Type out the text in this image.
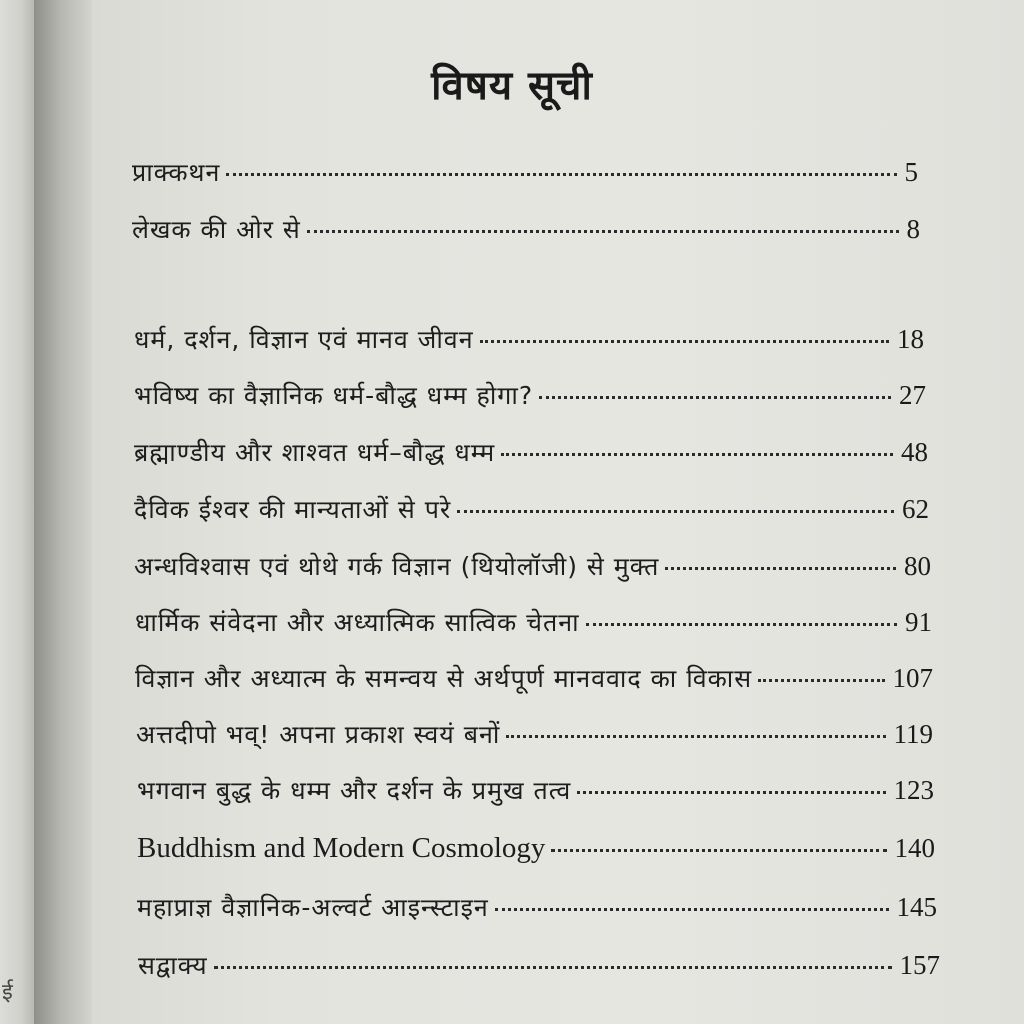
ई
विषय सूची
प्राक्कथन	5
लेखक की ओर से	8
धर्म, दर्शन, विज्ञान एवं मानव जीवन	18
भविष्य का वैज्ञानिक धर्म-बौद्ध धम्म होगा?	27
ब्रह्माण्डीय और शाश्वत धर्म–बौद्ध धम्म	48
दैविक ईश्वर की मान्यताओं से परे	62
अन्धविश्वास एवं थोथे गर्क विज्ञान (थियोलॉजी) से मुक्त	80
धार्मिक संवेदना और अध्यात्मिक सात्विक चेतना	91
विज्ञान और अध्यात्म के समन्वय से अर्थपूर्ण मानववाद का विकास	107
अत्तदीपो भव्! अपना प्रकाश स्वयं बनों	119
भगवान बुद्ध के धम्म और दर्शन के प्रमुख तत्व	123
Buddhism and Modern Cosmology	140
महाप्राज्ञ वैज्ञानिक-अल्वर्ट आइन्स्टाइन	145
सद्वाक्य	157
